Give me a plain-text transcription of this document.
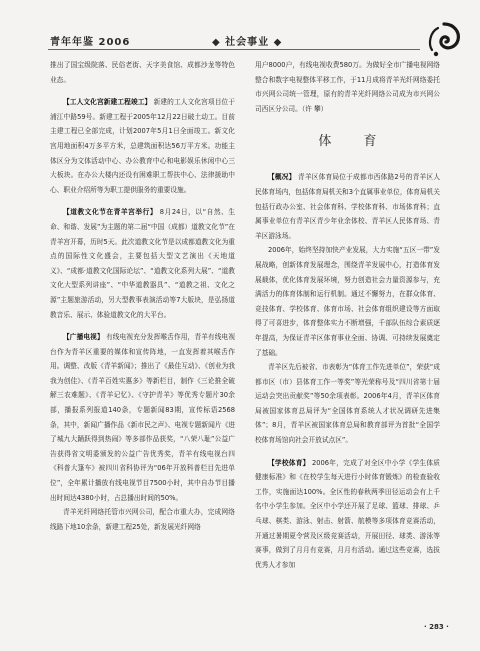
青年年鉴 2006	◆ 社会事业 ◆

推出了国宝级院落、民俗老街、天字美食馆、成都沙龙等特色业态。

【工人文化宫新建工程竣工】 新建的工人文化宫项目位于浦江中路59号。新建工程于2005年12月22日破土动工。目前主建工程已全部完成，计划2007年5月1日全面竣工。新文化宫用地面积4万多平方米，总建筑面积达56万平方米。功能主体区分为文体活动中心、办公教育中心和电影娱乐休闲中心三大板块。在办公大楼内还设有困难职工帮扶中心、法律援助中心、职业介绍所等为职工提供服务的重要设施。

【道教文化节在青羊宫举行】 8月24日，以“自然、生命、和谐、发展”为主题的第二届“中国（成都）道教文化节”在青羊宫开幕，历时5天。此次道教文化节是以成都道教文化为重点的国际性文化盛会，主要包括大型文艺演出《天地道义》、“成都·道教文化国际论坛”、“道教文化系列大展”、“道教文化大型系列讲座”、“中华道教器具”、“道教之祖、文化之源”主题旅游活动，另大型教事表演活动等7大版块，是弘扬道教音乐、展示、体验道教文化的大平台。

【广播电视】 有线电视充分发挥喉舌作用，青羊有线电视台作为青羊区重要的媒体和宣传阵地，一直发挥着其喉舌作用。调整、改版《青羊新闻》；推出了《最佳互动》、《创业为我 我为创佳》、《青羊百姓实惠多》等新栏目，制作《三论推全破解三农难题》、《青羊记忆》、《守护青羊》等优秀专题片30余部，播报系列报道140条，专题新闻83期，宣传标语2568条，其中，新闻广播作品《新市民之声》、电视专题新闻片《进了城九大踊跃得到热闹》等多部作品获奖，“八荣八耻”公益广告获得省文明委颁发的公益广告优秀奖，青羊有线电视台四《科普大篷车》被四川省科协评为“06年开放科普栏目先进单位”，全年累计播放有线电视节目7500小时，其中自办节目播出时间达4380小时，占总播出时间的50%。

青羊光纤网络托管市兴网公司，配合市重大办，完成网络线路下地10余条，新建工程25处，新发展光纤网络

用户8000户，有线电视收费580万。为做好全市广播电视网络整合和数字电视整体平移工作，于11月成将青羊光纤网络委托市兴网公司统一管理，原有的青羊光纤网络公司成为市兴网公司西区分公司。（许 攀）

体 育

【概况】 青羊区体育局位于成都市西体路2号的青羊区人民体育场内，包括体育局机关和3个直属事业单位，体育局机关包括行政办公室、社会体育科、学校体育科、市场体育科；直属事业单位有青羊区青少年业余体校、青羊区人民体育场、青羊区游泳场。

2006年，始终坚持加快产业发展，大力实施“五区一带”发展战略，创新体育发展理念，围绕青羊发展中心，打造体育发展载体，优化体育发展环境，努力创造社会力量资源参与，充满活力的体育体制和运行机制。通过不懈努力，在群众体育、竞技体育、学校体育、体育市场、社会体育组织建设等方面取得了可喜进步，体育整体实力不断增强，千部队伍综合素质逐年提高，为保证青羊区体育事业全面、协调、可持续发展奠定了基础。

青羊区先后被省、市表彰为“体育工作先进单位”，荣获“成都市区（市）县体育工作一等奖”等光荣称号及“四川省第十届运动会突出贡献奖”等50余项表彰。2006年4月，青羊区体育局被国家体育总局评为“全国体育系统人才状况调研先进集体”；8月，青羊区被国家体育总局和教育部评为首批“全国学校体育场馆向社会开放试点区”。

【学校体育】 2006年，完成了对全区中小学《学生体质健康标准》和《在校学生每天进行小时体育锻炼》的检查验收工作，实施面达100%。全区性的春秋两季田径运动会有上千名中小学生参加。全区中小学还开展了足球、篮球、排球、乒乓球、棋类、游泳、射击、射箭、航模等多项体育竞赛活动，开通过暑期夏令营及区级竞赛活动，开展田径、球类、游泳等赛事，做到了月月有竞赛，月月有活动。通过这些竞赛，选拔优秀人才参加

· 283 ·
